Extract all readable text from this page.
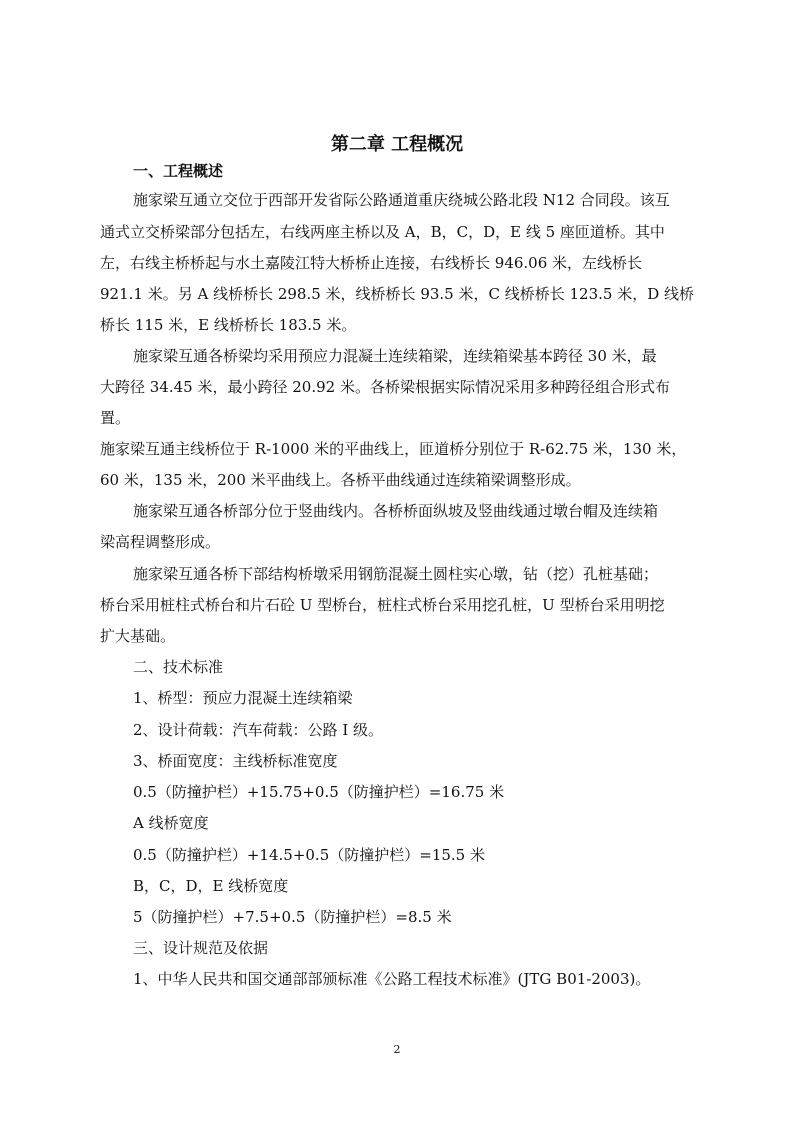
第二章 工程概况
一、工程概述
施家梁互通立交位于西部开发省际公路通道重庆绕城公路北段 N12 合同段。该互
通式立交桥梁部分包括左，右线两座主桥以及 A，B，C，D，E 线 5 座匝道桥。其中
左，右线主桥桥起与水土嘉陵江特大桥桥止连接，右线桥长 946.06 米，左线桥长
921.1 米。另 A 线桥桥长 298.5 米，线桥桥长 93.5 米，C 线桥桥长 123.5 米，D 线桥
桥长 115 米，E 线桥桥长 183.5 米。
施家梁互通各桥梁均采用预应力混凝土连续箱梁，连续箱梁基本跨径 30 米，最
大跨径 34.45 米，最小跨径 20.92 米。各桥梁根据实际情况采用多种跨径组合形式布
置。
施家梁互通主线桥位于 R-1000 米的平曲线上，匝道桥分别位于 R-62.75 米，130 米，
60 米，135 米，200 米平曲线上。各桥平曲线通过连续箱梁调整形成。
施家梁互通各桥部分位于竖曲线内。各桥桥面纵坡及竖曲线通过墩台帽及连续箱
梁高程调整形成。
施家梁互通各桥下部结构桥墩采用钢筋混凝土圆柱实心墩，钻（挖）孔桩基础；
桥台采用桩柱式桥台和片石砼 U 型桥台，桩柱式桥台采用挖孔桩，U 型桥台采用明挖
扩大基础。
二、技术标准
1、桥型：预应力混凝土连续箱梁
2、设计荷载：汽车荷载：公路 I 级。
3、桥面宽度：主线桥标准宽度
0.5（防撞护栏）+15.75+0.5（防撞护栏）=16.75 米
A 线桥宽度
0.5（防撞护栏）+14.5+0.5（防撞护栏）=15.5 米
B，C，D，E 线桥宽度
5（防撞护栏）+7.5+0.5（防撞护栏）=8.5 米
三、设计规范及依据
1、中华人民共和国交通部部颁标准《公路工程技术标准》(JTG B01-2003)。
2
